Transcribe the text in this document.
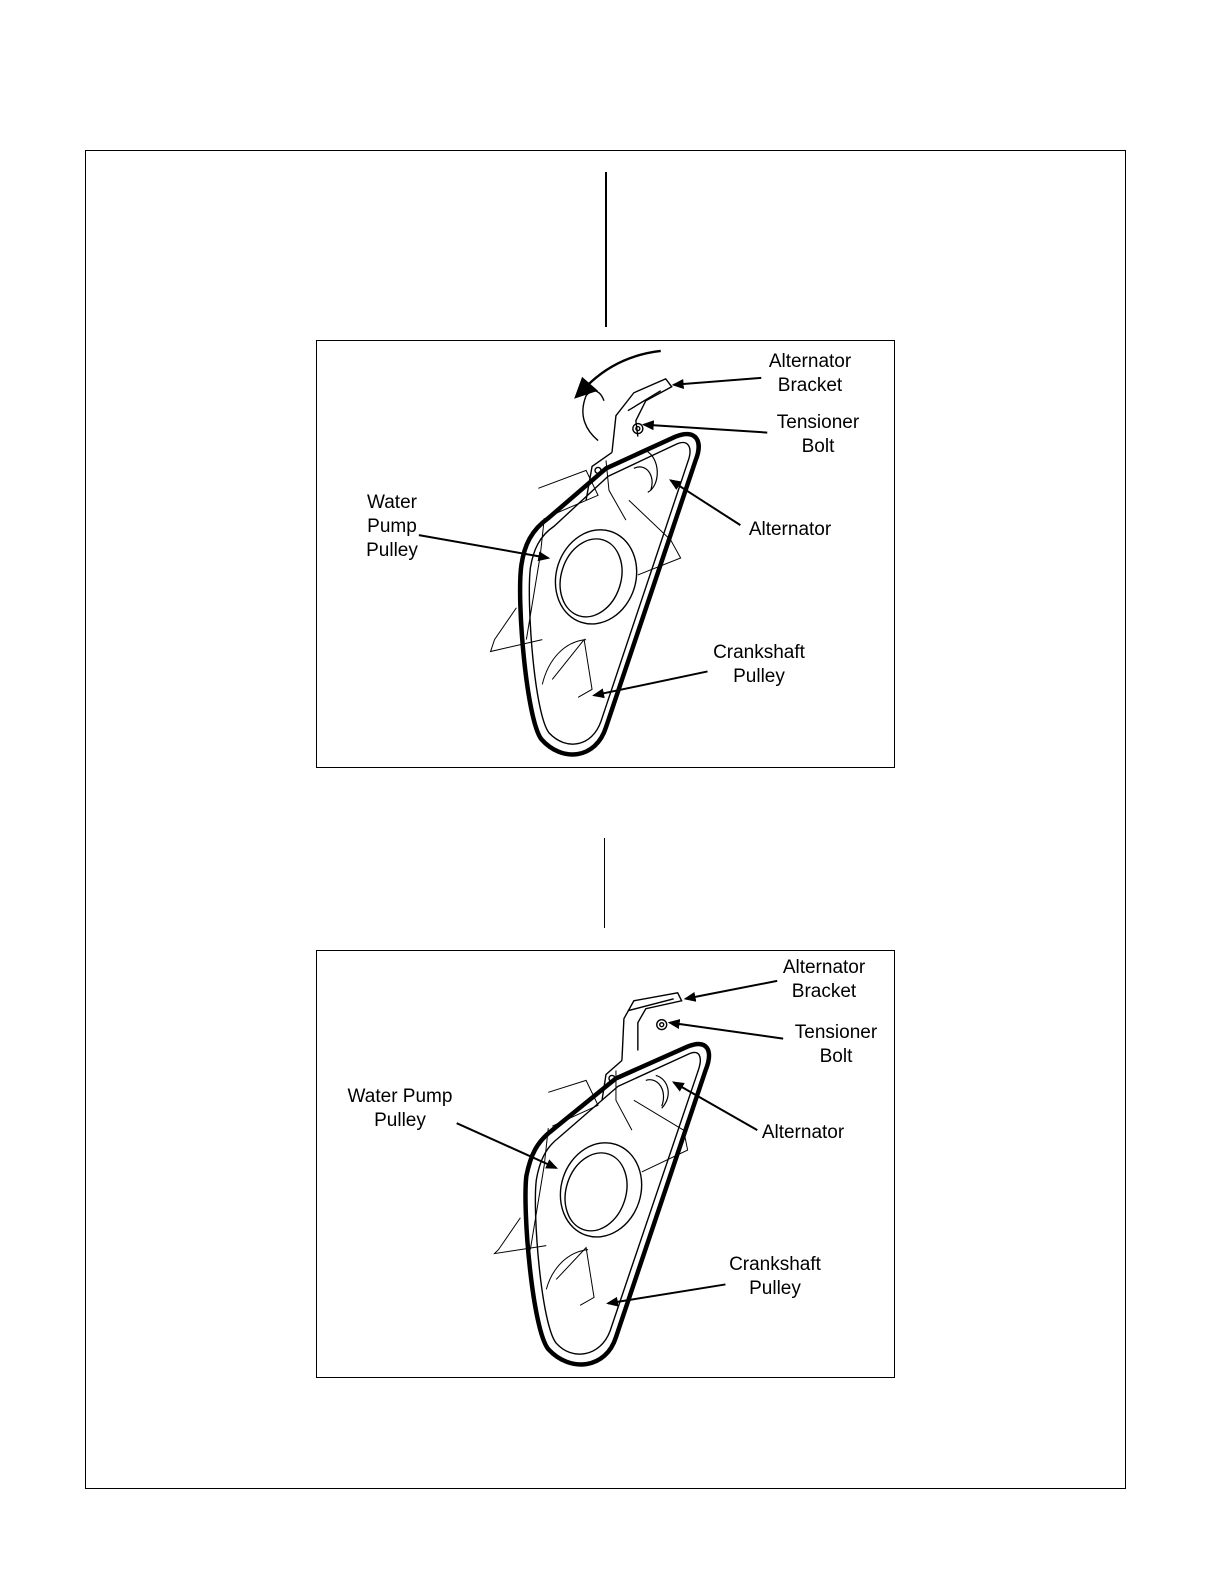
Alternator
Bracket
Tensioner
Bolt
Water
Pump
Pulley
Alternator
Crankshaft
Pulley
Alternator
Bracket
Tensioner
Bolt
Water Pump
Pulley
Alternator
Crankshaft
Pulley
